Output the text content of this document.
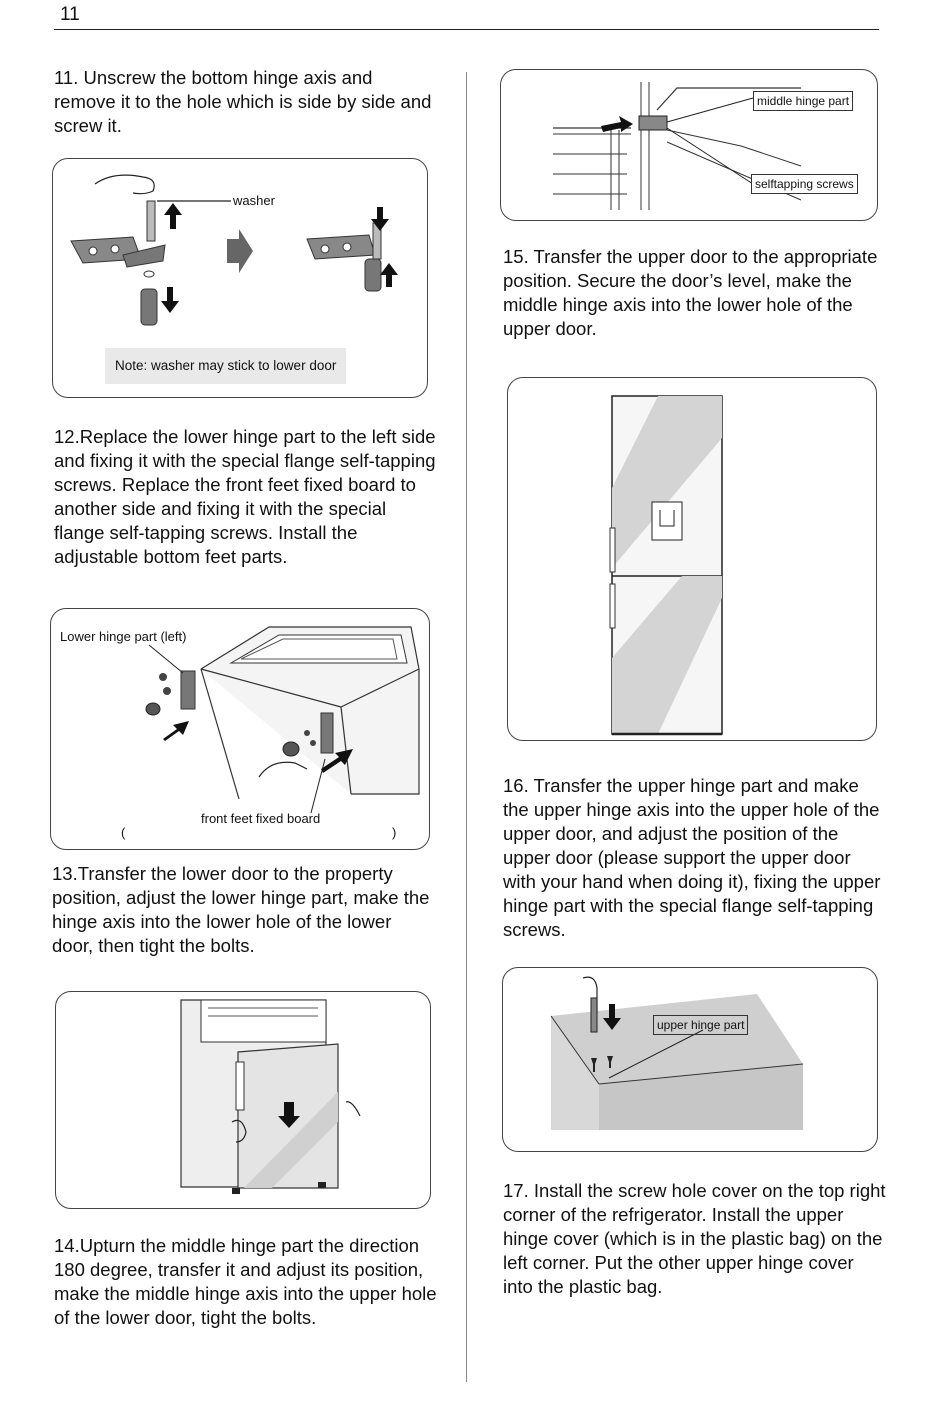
11

11. Unscrew the bottom hinge axis and remove it to the hole which is side by side and screw it.

washer
Note: washer may stick to lower door

12.Replace the lower hinge part to the left side and fixing it with the special flange self-tapping screws. Replace the front feet fixed board to another side and fixing it with the special flange self-tapping screws. Install the adjustable bottom feet parts.

Lower hinge part (left)
front feet fixed board
(	)

13.Transfer the lower door to the property position, adjust the lower hinge part, make the hinge axis into the lower hole of the lower door, then tight the bolts.

14.Upturn the middle hinge part the direction 180 degree, transfer it and adjust its position, make the middle hinge axis into the upper hole of the lower door, tight the bolts.

middle hinge part
selftapping screws

15. Transfer the upper door to the appropriate position. Secure the door’s level, make the middle hinge axis into the lower hole of the upper door.

16. Transfer the upper hinge part and make the upper hinge axis into the upper hole of the upper door, and adjust the position of the upper door (please support the upper door with your hand when doing it), fixing the upper hinge part with the special flange self-tapping screws.

upper hinge part

17. Install the screw hole cover on the top right corner of the refrigerator. Install the upper hinge cover (which is in the plastic bag) on the left corner. Put the other upper hinge cover into the plastic bag.
